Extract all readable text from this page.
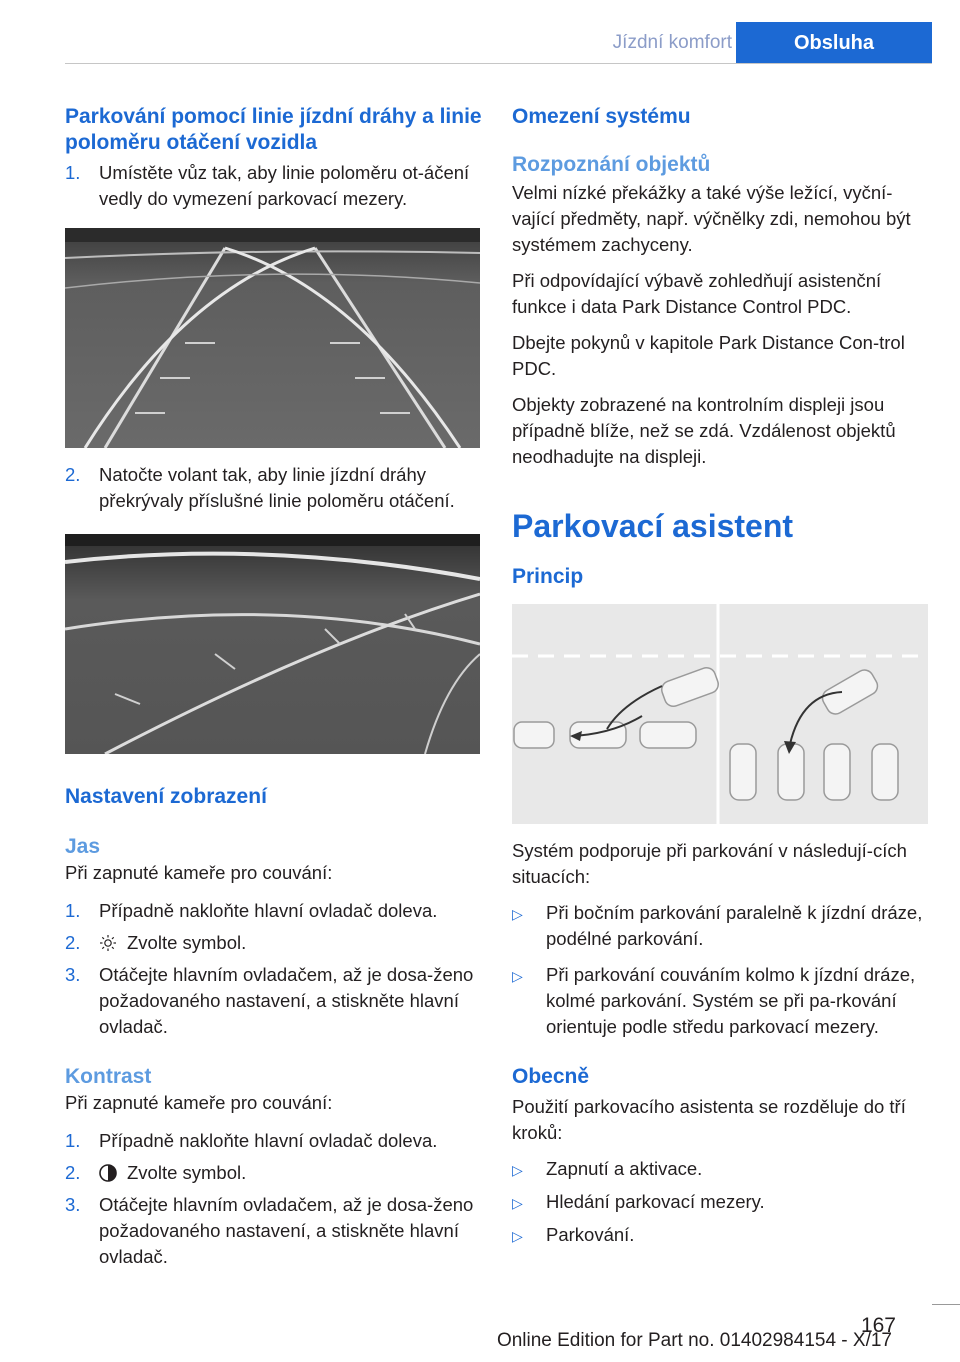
Jízdní komfort	Obsluha
Parkování pomocí linie jízdní dráhy a linie poloměru otáčení vozidla
1.	Umístěte vůz tak, aby linie poloměru ot‐áčení vedly do vymezení parkovací mezery.
2.	Natočte volant tak, aby linie jízdní dráhy překrývaly příslušné linie poloměru otáčení.
Nastavení zobrazení
Jas

Při zapnuté kameře pro couvání:

1.	Případně nakloňte hlavní ovladač doleva.
2.	Zvolte symbol.
3.	Otáčejte hlavním ovladačem, až je dosa‐ženo požadovaného nastavení, a stiskněte hlavní ovladač.
Kontrast

Při zapnuté kameře pro couvání:

1.	Případně nakloňte hlavní ovladač doleva.
2.	Zvolte symbol.
3.	Otáčejte hlavním ovladačem, až je dosa‐ženo požadovaného nastavení, a stiskněte hlavní ovladač.
Omezení systému
Rozpoznání objektů

Velmi nízké překážky a také výše ležící, vyční‐vající předměty, např. výčnělky zdi, nemohou být systémem zachyceny.

Při odpovídající výbavě zohledňují asistenční funkce i data Park Distance Control PDC.

Dbejte pokynů v kapitole Park Distance Con‐trol PDC.

Objekty zobrazené na kontrolním displeji jsou případně blíže, než se zdá. Vzdálenost objektů neodhadujte na displeji.

Parkovací asistent
Princip

Systém podporuje při parkování v následují‐cích situacích:

▷	Při bočním parkování paralelně k jízdní dráze, podélné parkování.
▷	Při parkování couváním kolmo k jízdní dráze, kolmé parkování. Systém se při pa‐rkování orientuje podle středu parkovací mezery.
Obecně

Použití parkovacího asistenta se rozděluje do tří kroků:

▷	Zapnutí a aktivace.
▷	Hledání parkovací mezery.
▷	Parkování.
167
Online Edition for Part no. 01402984154 - X/17
